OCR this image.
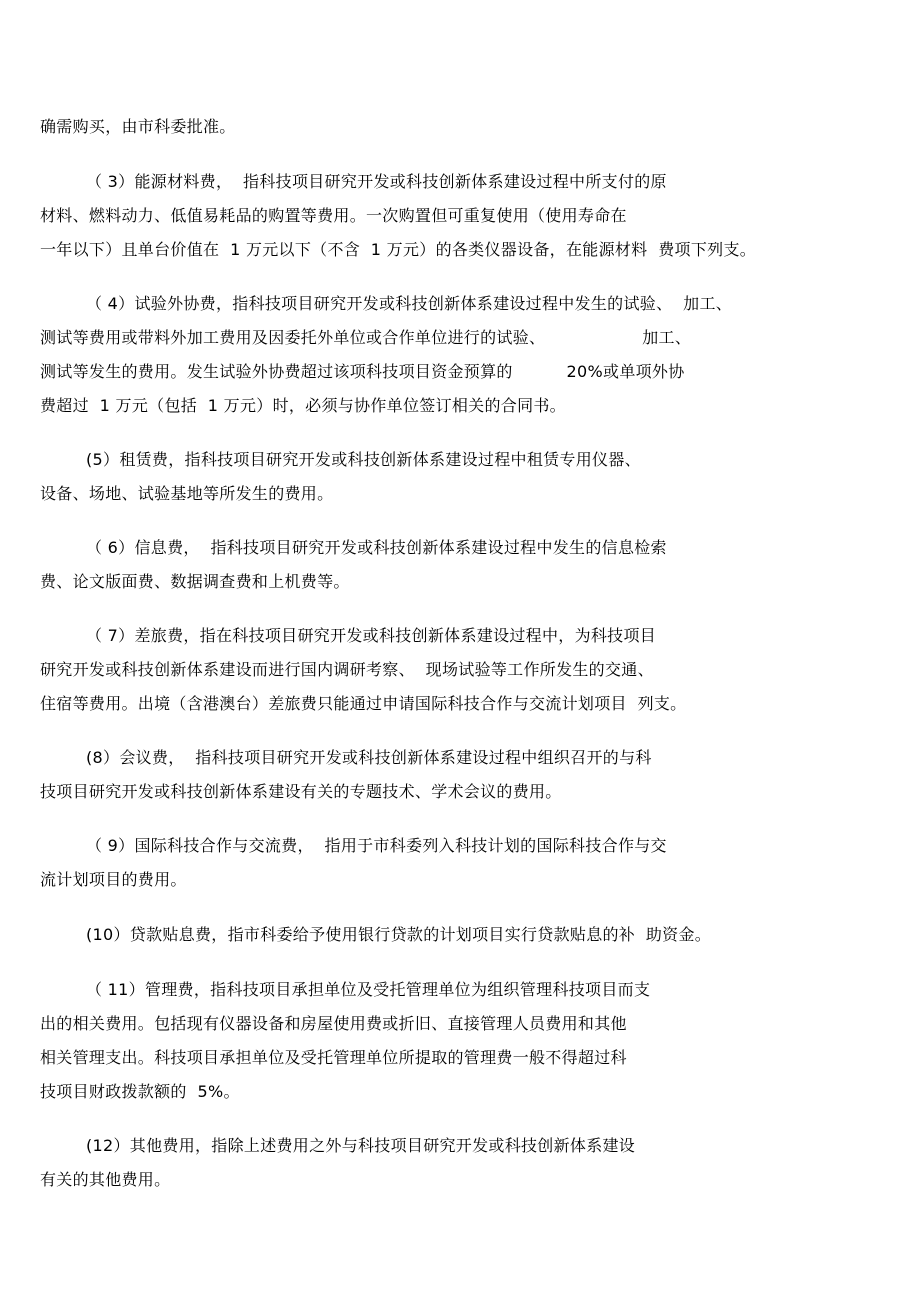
确需购买，由市科委批准。
（ 3）能源材料费，  指科技项目研究开发或科技创新体系建设过程中所支付的原
材料、燃料动力、低值易耗品的购置等费用。一次购置但可重复使用（使用寿命在
一年以下）且单台价值在  1 万元以下（不含  1 万元）的各类仪器设备，在能源材料  费项下列支。
（ 4）试验外协费，指科技项目研究开发或科技创新体系建设过程中发生的试验、  加工、
测试等费用或带料外加工费用及因委托外单位或合作单位进行的试验、                  加工、
测试等发生的费用。发生试验外协费超过该项科技项目资金预算的          20%或单项外协
费超过  1 万元（包括  1 万元）时，必须与协作单位签订相关的合同书。
(5）租赁费，指科技项目研究开发或科技创新体系建设过程中租赁专用仪器、
设备、场地、试验基地等所发生的费用。
（ 6）信息费，  指科技项目研究开发或科技创新体系建设过程中发生的信息检索
费、论文版面费、数据调查费和上机费等。
（ 7）差旅费，指在科技项目研究开发或科技创新体系建设过程中，为科技项目
研究开发或科技创新体系建设而进行国内调研考察、  现场试验等工作所发生的交通、
住宿等费用。出境（含港澳台）差旅费只能通过申请国际科技合作与交流计划项目  列支。
(8）会议费，  指科技项目研究开发或科技创新体系建设过程中组织召开的与科
技项目研究开发或科技创新体系建设有关的专题技术、学术会议的费用。
（ 9）国际科技合作与交流费，  指用于市科委列入科技计划的国际科技合作与交
流计划项目的费用。
(10）贷款贴息费，指市科委给予使用银行贷款的计划项目实行贷款贴息的补  助资金。
（ 11）管理费，指科技项目承担单位及受托管理单位为组织管理科技项目而支
出的相关费用。包括现有仪器设备和房屋使用费或折旧、直接管理人员费用和其他
相关管理支出。科技项目承担单位及受托管理单位所提取的管理费一般不得超过科
技项目财政拨款额的  5%。
(12）其他费用，指除上述费用之外与科技项目研究开发或科技创新体系建设
有关的其他费用。
